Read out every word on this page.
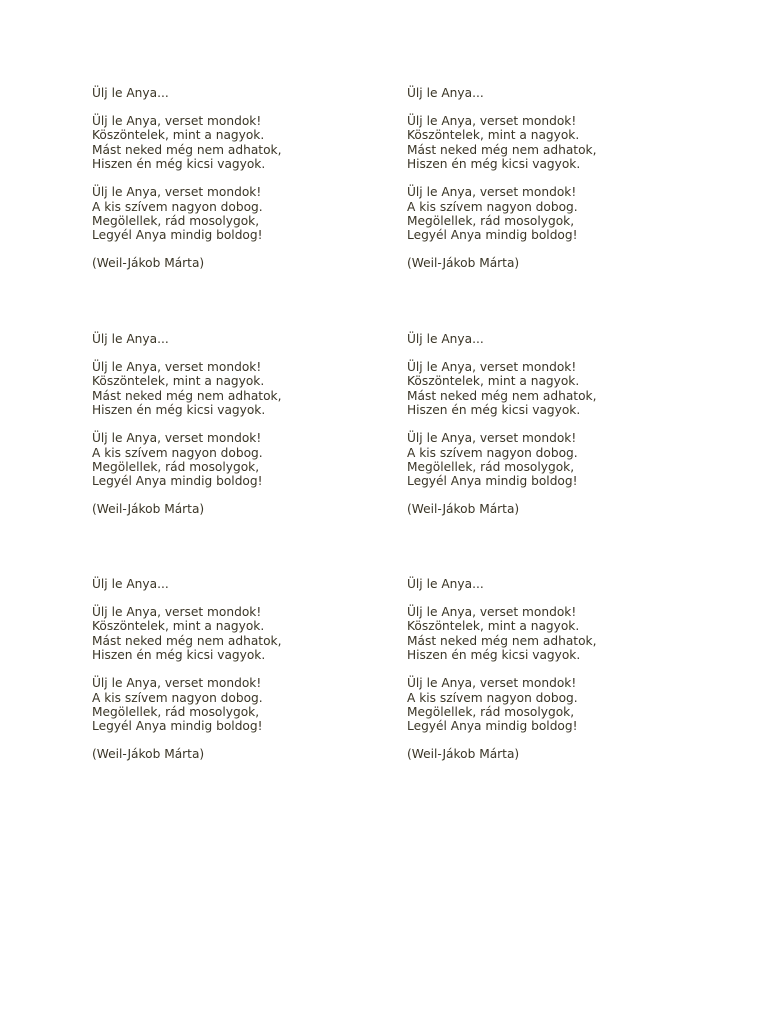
Ülj le Anya...
Ülj le Anya, verset mondok!
Köszöntelek, mint a nagyok.
Mást neked még nem adhatok,
Hiszen én még kicsi vagyok.
Ülj le Anya, verset mondok!
A kis szívem nagyon dobog.
Megölellek, rád mosolygok,
Legyél Anya mindig boldog!
(Weil-Jákob Márta)
Ülj le Anya...
Ülj le Anya, verset mondok!
Köszöntelek, mint a nagyok.
Mást neked még nem adhatok,
Hiszen én még kicsi vagyok.
Ülj le Anya, verset mondok!
A kis szívem nagyon dobog.
Megölellek, rád mosolygok,
Legyél Anya mindig boldog!
(Weil-Jákob Márta)
Ülj le Anya...
Ülj le Anya, verset mondok!
Köszöntelek, mint a nagyok.
Mást neked még nem adhatok,
Hiszen én még kicsi vagyok.
Ülj le Anya, verset mondok!
A kis szívem nagyon dobog.
Megölellek, rád mosolygok,
Legyél Anya mindig boldog!
(Weil-Jákob Márta)
Ülj le Anya...
Ülj le Anya, verset mondok!
Köszöntelek, mint a nagyok.
Mást neked még nem adhatok,
Hiszen én még kicsi vagyok.
Ülj le Anya, verset mondok!
A kis szívem nagyon dobog.
Megölellek, rád mosolygok,
Legyél Anya mindig boldog!
(Weil-Jákob Márta)
Ülj le Anya...
Ülj le Anya, verset mondok!
Köszöntelek, mint a nagyok.
Mást neked még nem adhatok,
Hiszen én még kicsi vagyok.
Ülj le Anya, verset mondok!
A kis szívem nagyon dobog.
Megölellek, rád mosolygok,
Legyél Anya mindig boldog!
(Weil-Jákob Márta)
Ülj le Anya...
Ülj le Anya, verset mondok!
Köszöntelek, mint a nagyok.
Mást neked még nem adhatok,
Hiszen én még kicsi vagyok.
Ülj le Anya, verset mondok!
A kis szívem nagyon dobog.
Megölellek, rád mosolygok,
Legyél Anya mindig boldog!
(Weil-Jákob Márta)
